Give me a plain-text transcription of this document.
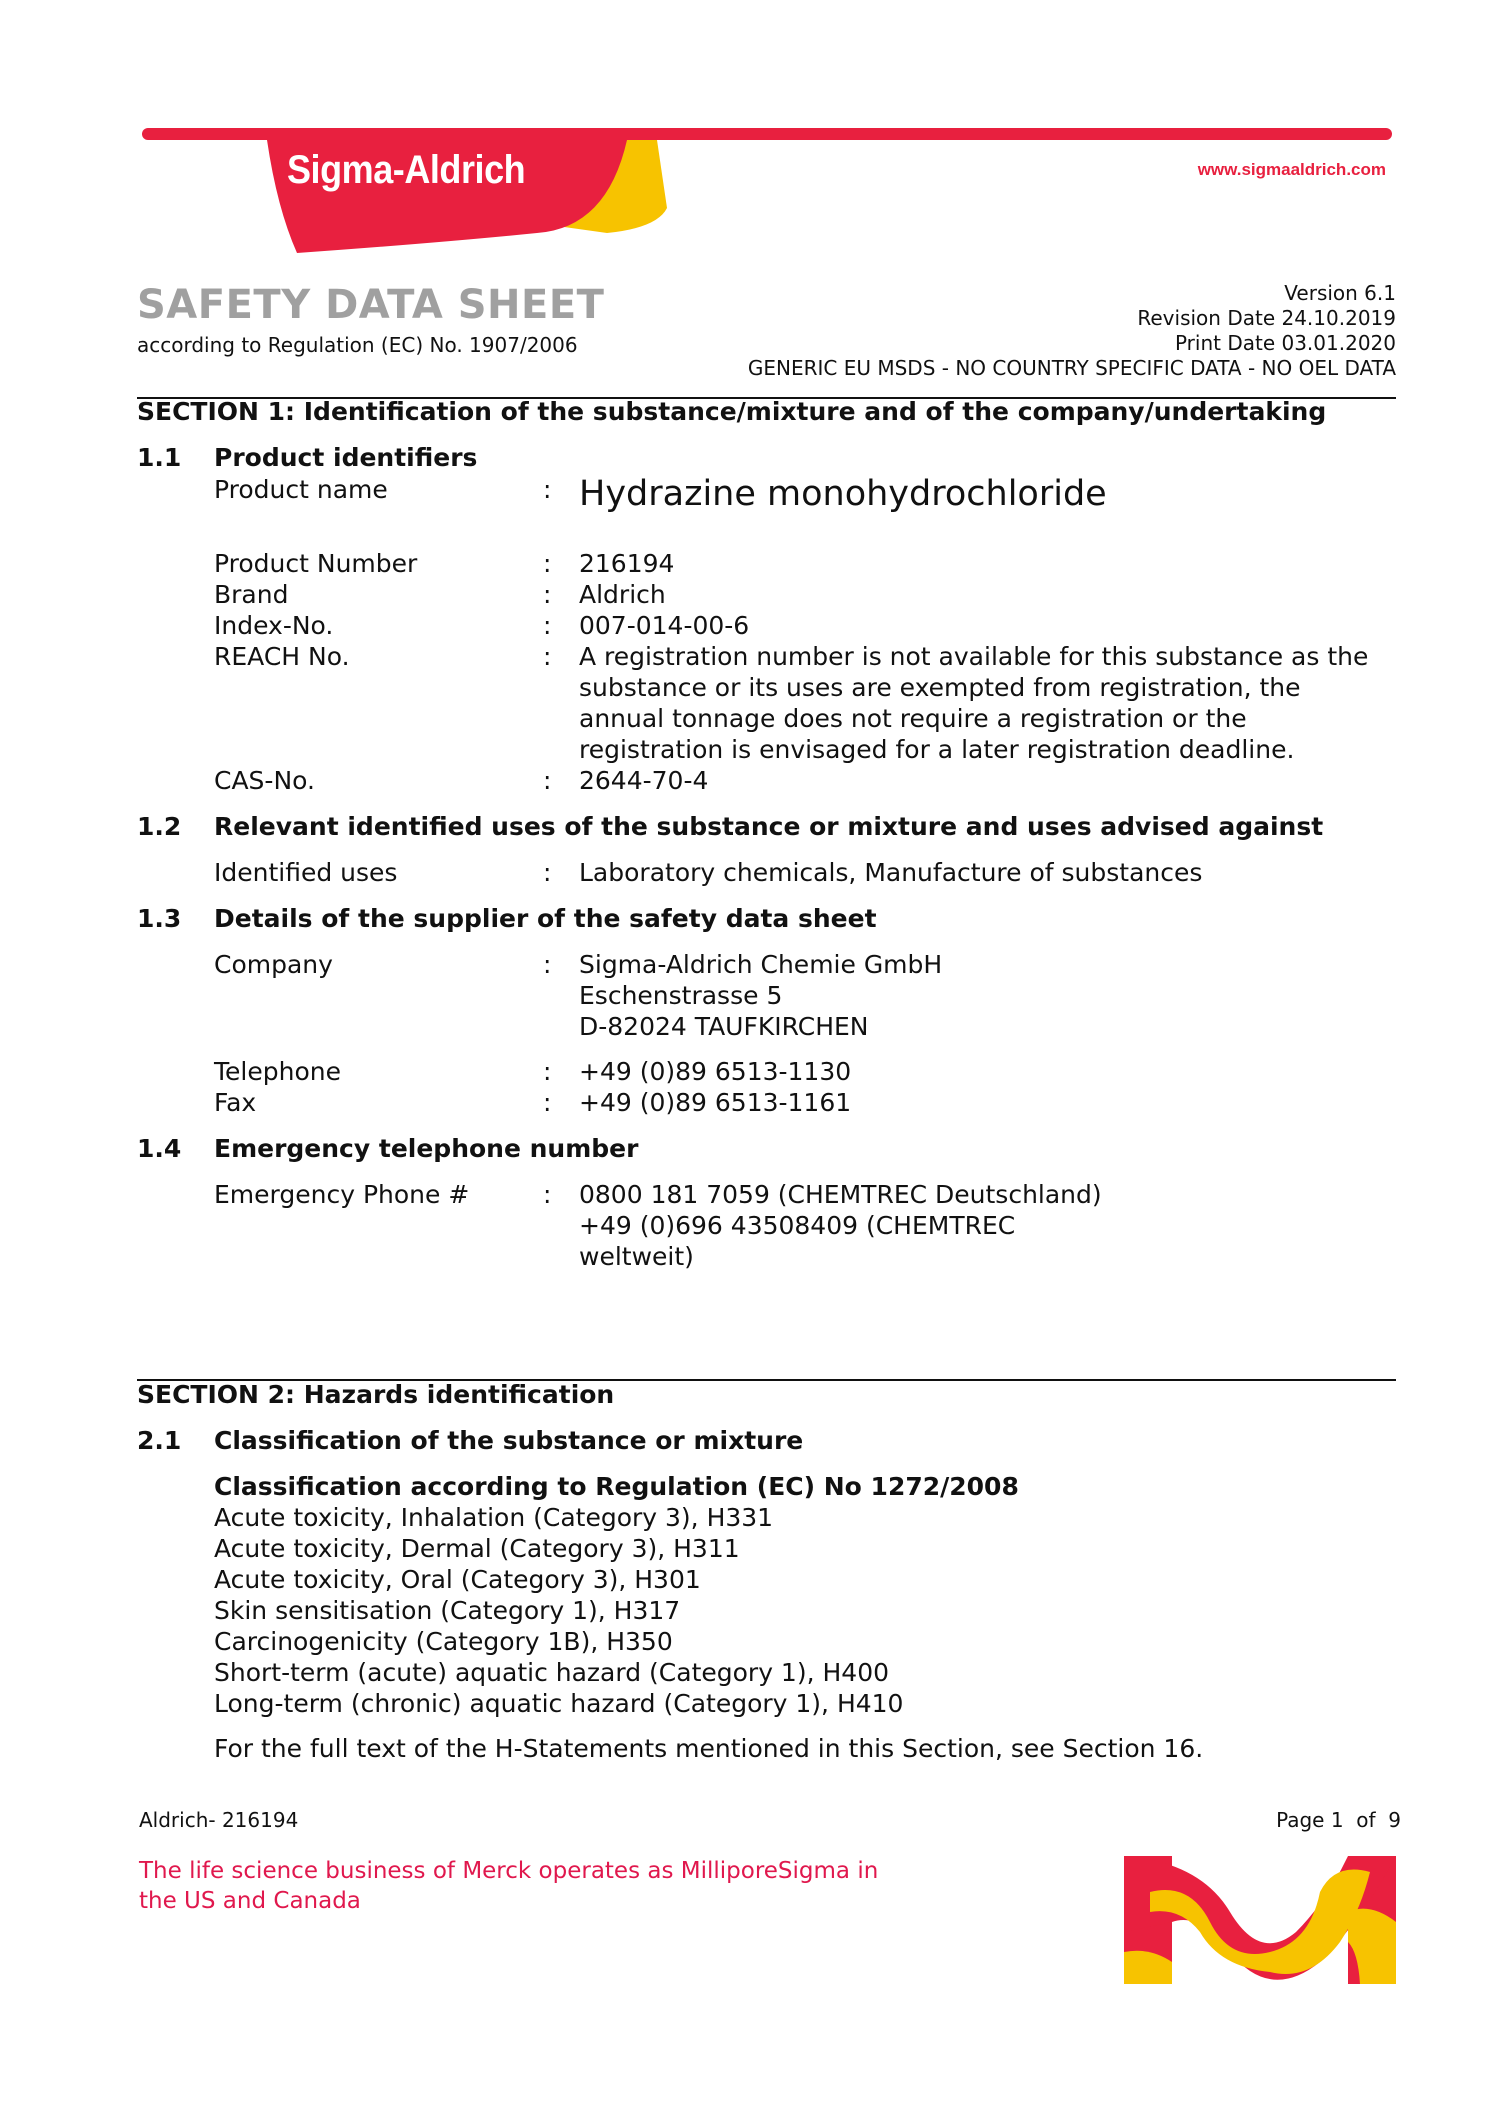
Sigma-Aldrich	www.sigmaaldrich.com
SAFETY DATA SHEET
according to Regulation (EC) No. 1907/2006
Version 6.1
Revision Date 24.10.2019
Print Date 03.01.2020
GENERIC EU MSDS - NO COUNTRY SPECIFIC DATA - NO OEL DATA
SECTION 1: Identification of the substance/mixture and of the company/undertaking
1.1 Product identifiers
Product name	: Hydrazine monohydrochloride
Product Number	: 216194
Brand	: Aldrich
Index-No.	: 007-014-00-6
REACH No.	: A registration number is not available for this substance as the
substance or its uses are exempted from registration, the
annual tonnage does not require a registration or the
registration is envisaged for a later registration deadline.
CAS-No.	: 2644-70-4
1.2 Relevant identified uses of the substance or mixture and uses advised against
Identified uses	: Laboratory chemicals, Manufacture of substances
1.3 Details of the supplier of the safety data sheet
Company	: Sigma-Aldrich Chemie GmbH
Eschenstrasse 5
D-82024 TAUFKIRCHEN
Telephone	: +49 (0)89 6513-1130
Fax	: +49 (0)89 6513-1161
1.4 Emergency telephone number
Emergency Phone #	: 0800 181 7059 (CHEMTREC Deutschland)
+49 (0)696 43508409 (CHEMTREC
weltweit)
SECTION 2: Hazards identification
2.1 Classification of the substance or mixture
Classification according to Regulation (EC) No 1272/2008
Acute toxicity, Inhalation (Category 3), H331
Acute toxicity, Dermal (Category 3), H311
Acute toxicity, Oral (Category 3), H301
Skin sensitisation (Category 1), H317
Carcinogenicity (Category 1B), H350
Short-term (acute) aquatic hazard (Category 1), H400
Long-term (chronic) aquatic hazard (Category 1), H410
For the full text of the H-Statements mentioned in this Section, see Section 16.
Aldrich- 216194	Page 1  of  9
The life science business of Merck operates as MilliporeSigma in
the US and Canada
